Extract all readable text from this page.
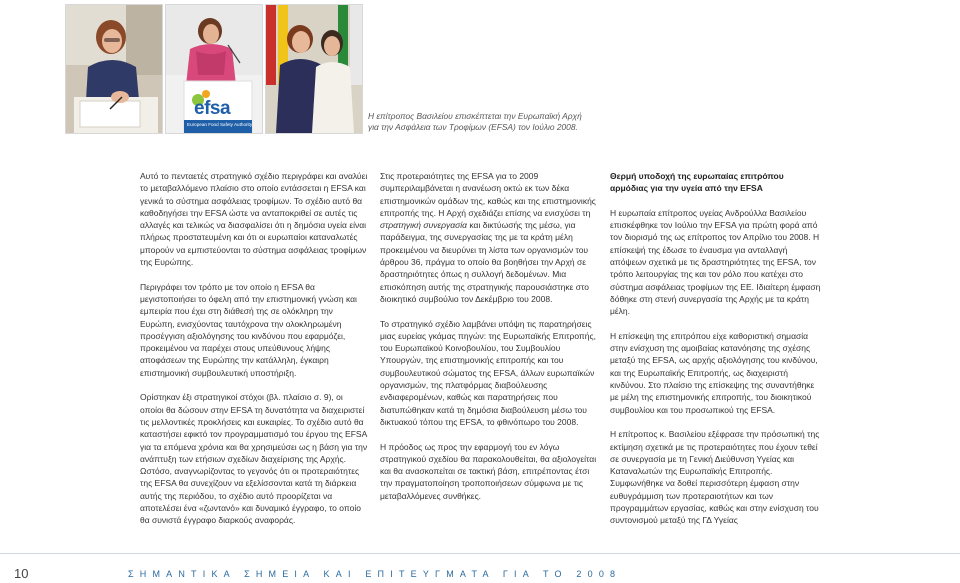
efsa
European Food Safety Authority

Η επίτροπος Βασιλείου επισκέπτεται την Ευρωπαϊκή Αρχή

για την Ασφάλεια των Τροφίμων (EFSA) τον Ιούλιο 2008.

Αυτό το πενταετές στρατηγικό σχέδιο περιγράφει και αναλύει το μεταβαλλόμενο πλαίσιο στο οποίο εντάσσεται η EFSA και γενικά το σύστημα ασφάλειας τροφίμων. Το σχέδιο αυτό θα καθοδηγήσει την EFSA ώστε να ανταποκριθεί σε αυτές τις αλλαγές και τελικώς να διασφαλίσει ότι η δημόσια υγεία είναι πλήρως προστατευμένη και ότι οι ευρωπαίοι καταναλωτές μπορούν να εμπιστεύονται το σύστημα ασφάλειας τροφίμων της Ευρώπης.

Περιγράφει τον τρόπο με τον οποίο η EFSA θα μεγιστοποιήσει το όφελη από την επιστημονική γνώση και εμπειρία που έχει στη διάθεσή της σε ολόκληρη την Ευρώπη, ενισχύοντας ταυτόχρονα την ολοκληρωμένη προσέγγιση αξιολόγησης του κινδύνου που εφαρμόζει, προκειμένου να παρέχει στους υπεύθυνους λήψης αποφάσεων της Ευρώπης την κατάλληλη, έγκαιρη επιστημονική συμβουλευτική υποστήριξη.

Ορίστηκαν έξι στρατηγικοί στόχοι (βλ. πλαίσιο σ. 9), οι οποίοι θα δώσουν στην EFSA τη δυνατότητα να διαχειριστεί τις μελλοντικές προκλήσεις και ευκαιρίες. Το σχέδιο αυτό θα καταστήσει εφικτό τον προγραμματισμό του έργου της EFSA για τα επόμενα χρόνια και θα χρησιμεύσει ως η βάση για την ανάπτυξη των ετήσιων σχεδίων διαχείρισης της Αρχής. Ωστόσο, αναγνωρίζοντας το γεγονός ότι οι προτεραιότητες της EFSA θα συνεχίζουν να εξελίσσονται κατά τη διάρκεια αυτής της περιόδου, το σχέδιο αυτό προορίζεται να αποτελέσει ένα «ζωντανό» και δυναμικό έγγραφο, το οποίο θα συνιστά έγγραφο διαρκούς αναφοράς.

Στις προτεραιότητες της EFSA για το 2009 συμπεριλαμβάνεται η ανανέωση οκτώ εκ των δέκα επιστημονικών ομάδων της, καθώς και της επιστημονικής επιτροπής της. Η Αρχή σχεδιάζει επίσης να ενισχύσει τη στρατηγική συνεργασία και δικτύωσής της μέσω, για παράδειγμα, της συνεργασίας της με τα κράτη μέλη προκειμένου να διευρύνει τη λίστα των οργανισμών του άρθρου 36, πράγμα το οποίο θα βοηθήσει την Αρχή σε δραστηριότητες όπως η συλλογή δεδομένων. Μια επισκόπηση αυτής της στρατηγικής παρουσιάστηκε στο διοικητικό συμβούλιο τον Δεκέμβριο του 2008.

Το στρατηγικό σχέδιο λαμβάνει υπόψη τις παρατηρήσεις μιας ευρείας γκάμας πηγών: της Ευρωπαϊκής Επιτροπής, του Ευρωπαϊκού Κοινοβουλίου, του Συμβουλίου Υπουργών, της επιστημονικής επιτροπής και του συμβουλευτικού σώματος της EFSA, άλλων ευρωπαϊκών οργανισμών, της πλατφόρμας διαβούλευσης ενδιαφερομένων, καθώς και παρατηρήσεις που διατυπώθηκαν κατά τη δημόσια διαβούλευση μέσω του δικτυακού τόπου της EFSA, το φθινόπωρο του 2008.

Η πρόοδος ως προς την εφαρμογή του εν λόγω στρατηγικού σχεδίου θα παρακολουθείται, θα αξιολογείται και θα ανασκοπείται σε τακτική βάση, επιτρέποντας έτσι την πραγματοποίηση τροποποιήσεων σύμφωνα με τις μεταβαλλόμενες συνθήκες.

Θερμή υποδοχή της ευρωπαίας επιτρόπου
αρμόδιας για την υγεία από την EFSA

Η ευρωπαία επίτροπος υγείας Ανδρούλλα Βασιλείου επισκέφθηκε τον Ιούλιο την EFSA για πρώτη φορά από τον διορισμό της ως επίτροπος τον Απρίλιο του 2008. Η επίσκεψή της έδωσε το έναυσμα για ανταλλαγή απόψεων σχετικά με τις δραστηριότητες της EFSA, τον τρόπο λειτουργίας της και τον ρόλο που κατέχει στο σύστημα ασφάλειας τροφίμων της ΕΕ. Ιδιαίτερη έμφαση δόθηκε στη στενή συνεργασία της Αρχής με τα κράτη μέλη.

Η επίσκεψη της επιτρόπου είχε καθοριστική σημασία στην ενίσχυση της αμοιβαίας κατανόησης της σχέσης μεταξύ της EFSA, ως αρχής αξιολόγησης του κινδύνου, και της Ευρωπαϊκής Επιτροπής, ως διαχειριστή κινδύνου. Στο πλαίσιο της επίσκεψης της συναντήθηκε με μέλη της επιστημονικής επιτροπής, του διοικητικού συμβουλίου και του προσωπικού της EFSA.

Η επίτροπος κ. Βασιλείου εξέφρασε την πρόσωπική της εκτίμηση σχετικά με τις προτεραιότητες που έχουν τεθεί σε συνεργασία με τη Γενική Διεύθυνση Υγείας και Καταναλωτών της Ευρωπαϊκής Επιτροπής. Συμφωνήθηκε να δοθεί περισσότερη έμφαση στην ευθυγράμμιση των προτεραιοτήτων και των προγραμμάτων εργασίας, καθώς και στην ενίσχυση του συντονισμού μεταξύ της ΓΔ Υγείας

10	ΣΗΜΑΝΤΙΚΑ ΣΗΜΕΙΑ ΚΑΙ ΕΠΙΤΕΥΓΜΑΤΑ ΓΙΑ ΤΟ 2008
